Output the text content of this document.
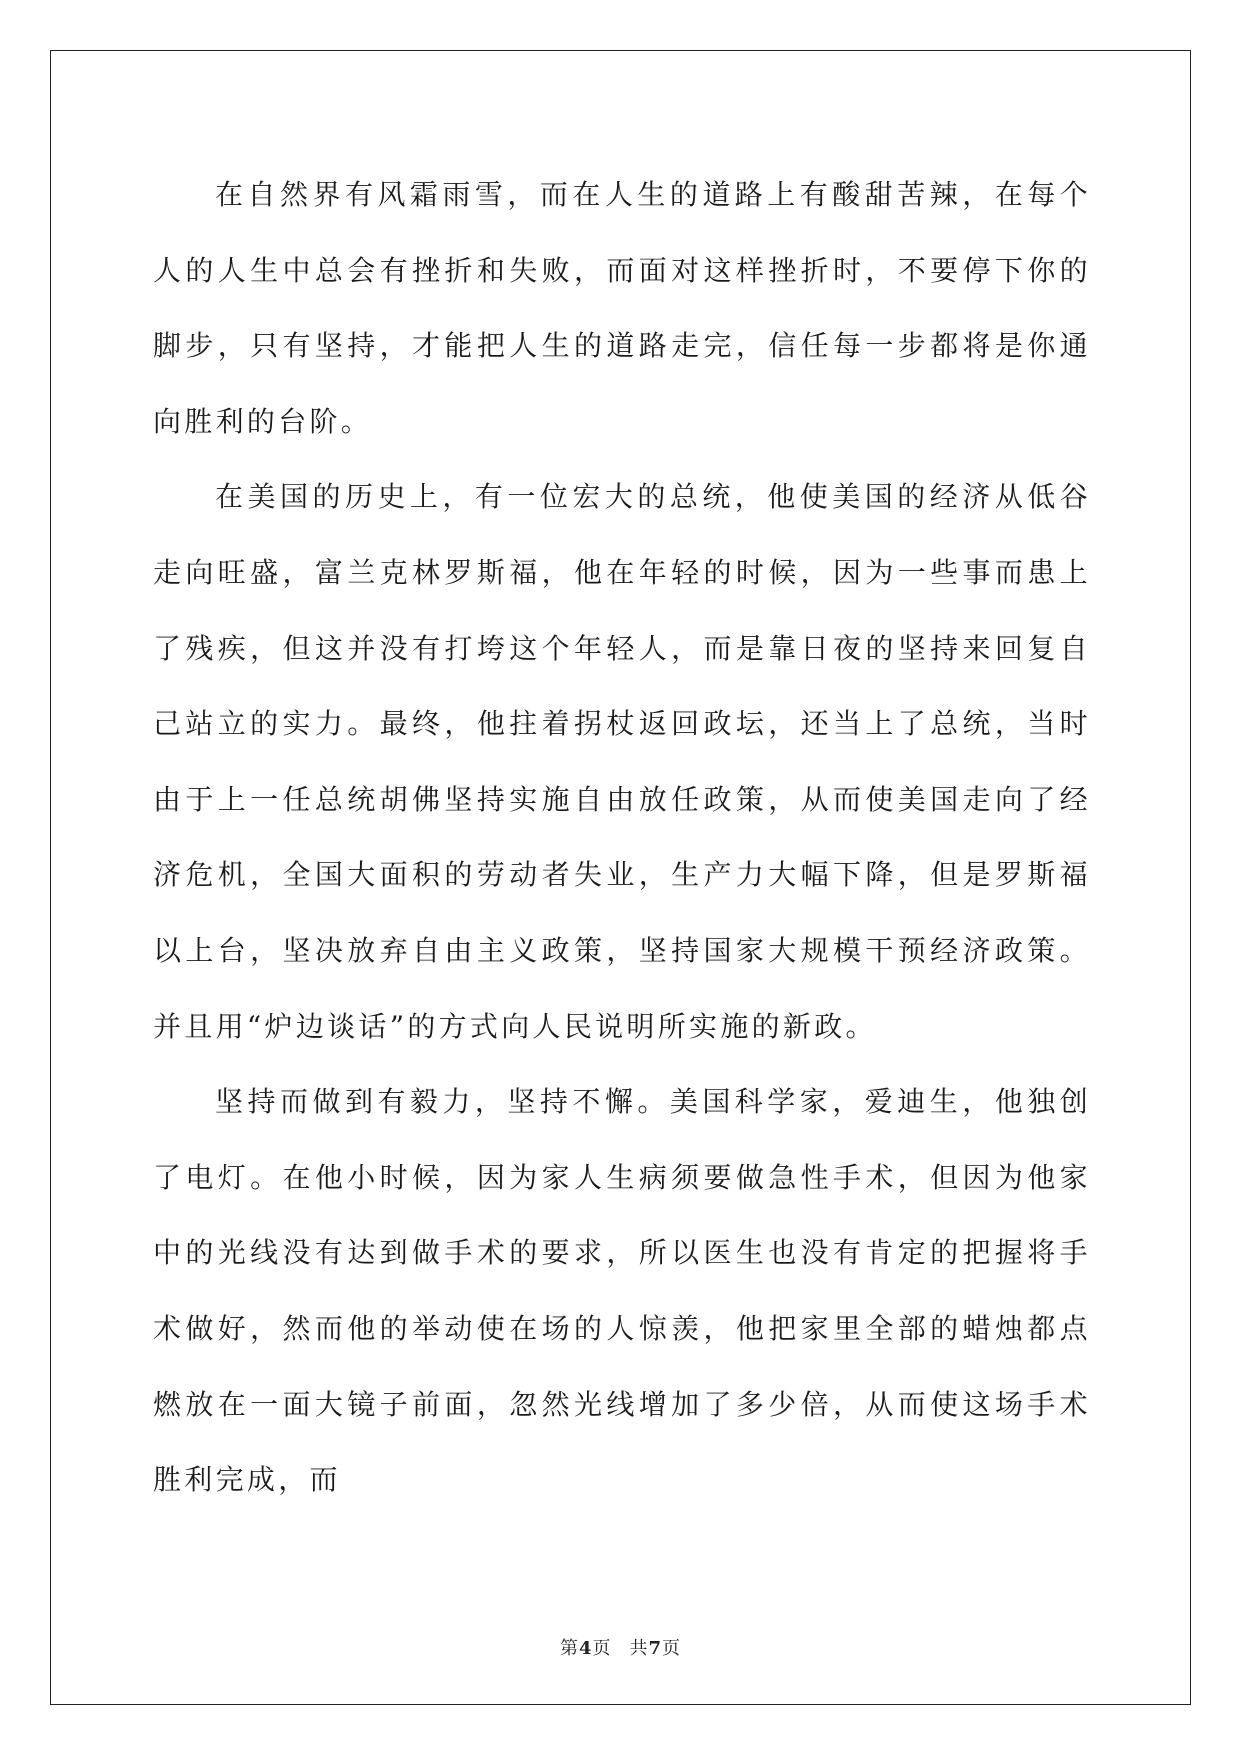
在自然界有风霜雨雪，而在人生的道路上有酸甜苦辣，在每个人的人生中总会有挫折和失败，而面对这样挫折时，不要停下你的脚步，只有坚持，才能把人生的道路走完，信任每一步都将是你通向胜利的台阶。

在美国的历史上，有一位宏大的总统，他使美国的经济从低谷走向旺盛，富兰克林罗斯福，他在年轻的时候，因为一些事而患上了残疾，但这并没有打垮这个年轻人，而是靠日夜的坚持来回复自己站立的实力。最终，他拄着拐杖返回政坛，还当上了总统，当时由于上一任总统胡佛坚持实施自由放任政策，从而使美国走向了经济危机，全国大面积的劳动者失业，生产力大幅下降，但是罗斯福以上台，坚决放弃自由主义政策，坚持国家大规模干预经济政策。并且用“炉边谈话”的方式向人民说明所实施的新政。

坚持而做到有毅力，坚持不懈。美国科学家，爱迪生，他独创了电灯。在他小时候，因为家人生病须要做急性手术，但因为他家中的光线没有达到做手术的要求，所以医生也没有肯定的把握将手术做好，然而他的举动使在场的人惊羡，他把家里全部的蜡烛都点燃放在一面大镜子前面，忽然光线增加了多少倍，从而使这场手术胜利完成，而

第4页 共7页
